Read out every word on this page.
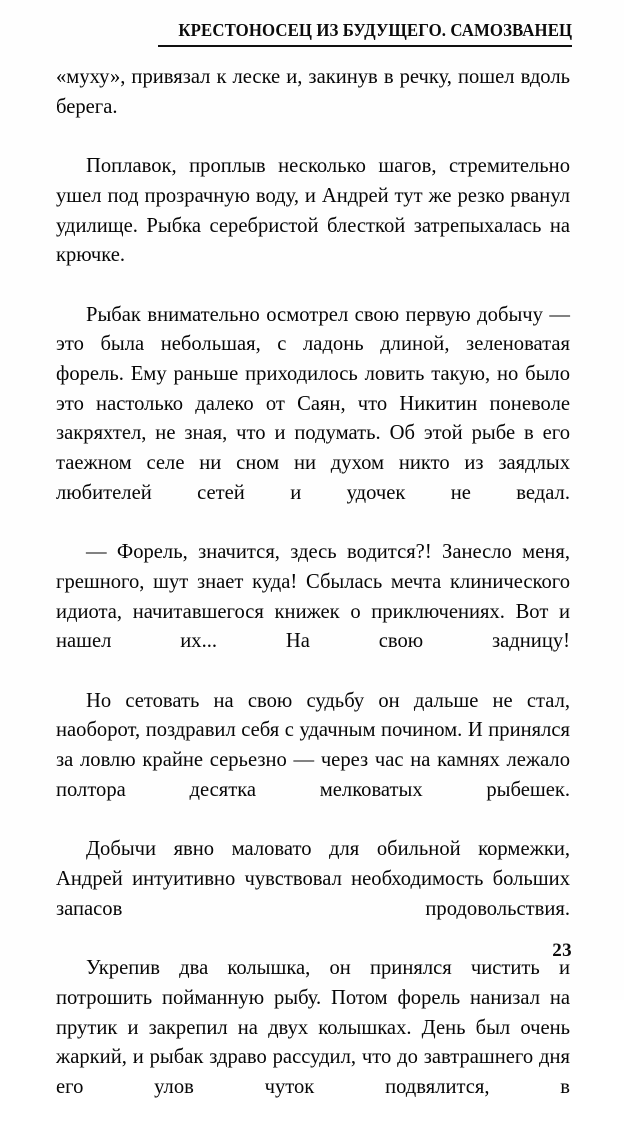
КРЕСТОНОСЕЦ ИЗ БУДУЩЕГО. САМОЗВАНЕЦ

«муху», привязал к леске и, закинув в речку, пошел вдоль берега.

Поплавок, проплыв несколько шагов, стремительно ушел под прозрачную воду, и Андрей тут же резко рванул удилище. Рыбка серебристой блесткой затрепыхалась на крючке.

Рыбак внимательно осмотрел свою первую добычу — это была небольшая, с ладонь длиной, зеленоватая форель. Ему раньше приходилось ловить такую, но было это настолько далеко от Саян, что Никитин поневоле закряхтел, не зная, что и подумать. Об этой рыбе в его таежном селе ни сном ни духом никто из заядлых любителей сетей и удочек не ведал.

— Форель, значится, здесь водится?! Занесло меня, грешного, шут знает куда! Сбылась мечта клинического идиота, начитавшегося книжек о приключениях. Вот и нашел их... На свою задницу!

Но сетовать на свою судьбу он дальше не стал, наоборот, поздравил себя с удачным почином. И принялся за ловлю крайне серьезно — через час на камнях лежало полтора десятка мелковатых рыбешек.

Добычи явно маловато для обильной кормежки, Андрей интуитивно чувствовал необходимость больших запасов продовольствия.

Укрепив два колышка, он принялся чистить и потрошить пойманную рыбу. Потом форель нанизал на прутик и закрепил на двух колышках. День был очень жаркий, и рыбак здраво рассудил, что до завтрашнего дня его улов чуток подвялится, в

23
